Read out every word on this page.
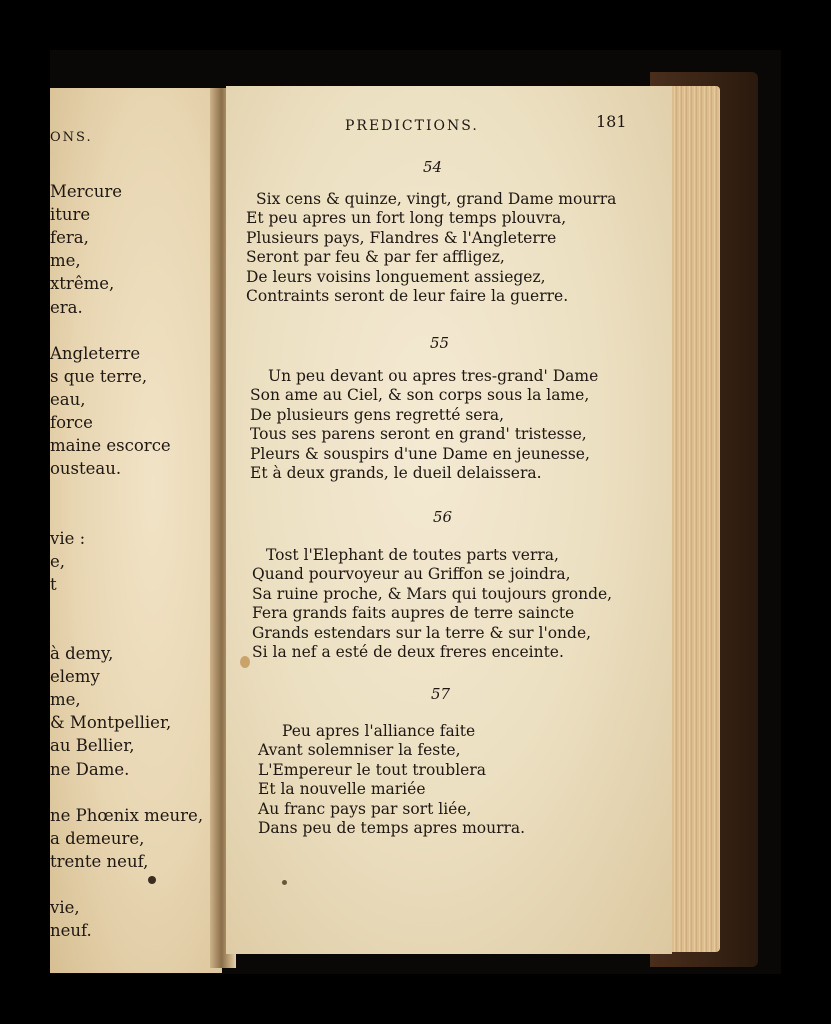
ONS.
Mercure
iture
fera,
me,
xtrême,
era.
Angleterre
s que terre,
eau,
force
maine escorce
ousteau.
vie :
e,
t
à demy,
elemy
me,
& Montpellier,
au Bellier,
ne Dame.
ne Phœnix meure,
a demeure,
trente neuf,
vie,
neuf.
PREDICTIONS.	181
54
Six cens & quinze, vingt, grand Dame mourra
Et peu apres un fort long temps plouvra,
Plusieurs pays, Flandres & l'Angleterre
Seront par feu & par fer affligez,
De leurs voisins longuement assiegez,
Contraints seront de leur faire la guerre.
55
Un peu devant ou apres tres-grand' Dame
Son ame au Ciel, & son corps sous la lame,
De plusieurs gens regretté sera,
Tous ses parens seront en grand' tristesse,
Pleurs & souspirs d'une Dame en jeunesse,
Et à deux grands, le dueil delaissera.
56
Tost l'Elephant de toutes parts verra,
Quand pourvoyeur au Griffon se joindra,
Sa ruine proche, & Mars qui toujours gronde,
Fera grands faits aupres de terre saincte
Grands estendars sur la terre & sur l'onde,
Si la nef a esté de deux freres enceinte.
57
Peu apres l'alliance faite
Avant solemniser la feste,
L'Empereur le tout troublera
Et la nouvelle mariée
Au franc pays par sort liée,
Dans peu de temps apres mourra.
